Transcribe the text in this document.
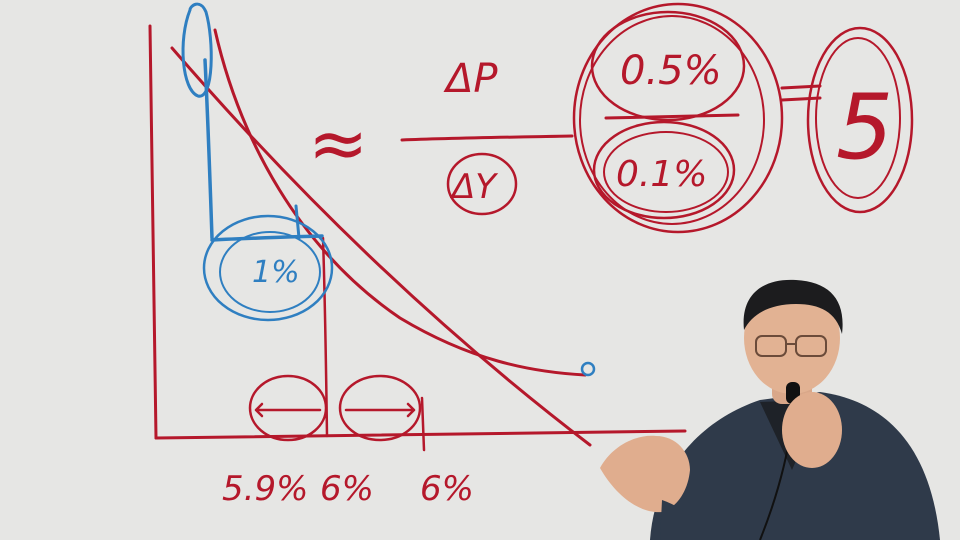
1%
≈
ΔP
ΔY
0.5%
0.1% 5
5.9% 6% 6%
